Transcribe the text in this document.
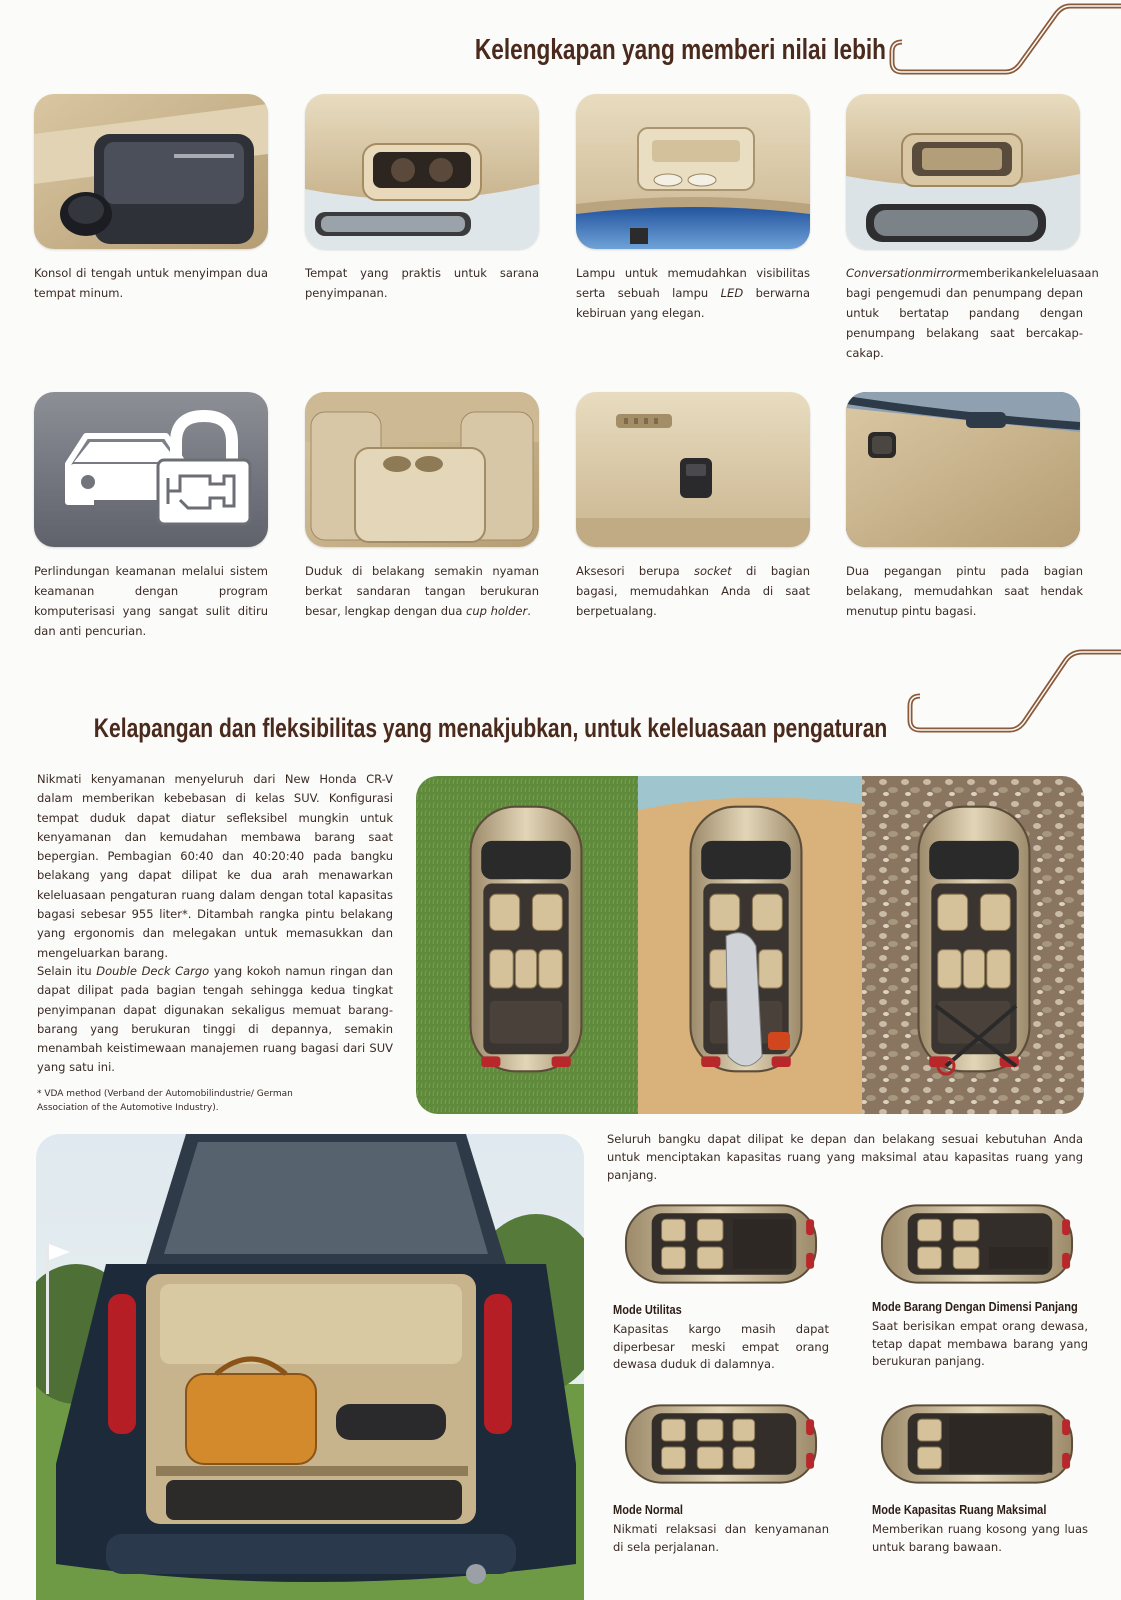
Kelengkapan yang memberi nilai lebih
Konsol di tengah untuk menyimpan dua tempat minum.
Tempat yang praktis untuk sarana penyimpanan.
Lampu untuk memudahkan visibilitas serta sebuah lampu LED berwarna kebiruan yang elegan.
Conversationmirrormemberikankeleluasaan bagi pengemudi dan penumpang depan untuk bertatap pandang dengan penumpang belakang saat bercakap-cakap.
Perlindungan keamanan melalui sistem keamanan dengan program komputerisasi yang sangat sulit ditiru dan anti pencurian.
Duduk di belakang semakin nyaman berkat sandaran tangan berukuran besar, lengkap dengan dua cup holder.
Aksesori berupa socket di bagian bagasi, memudahkan Anda di saat berpetualang.
Dua pegangan pintu pada bagian belakang, memudahkan saat hendak menutup pintu bagasi.
Kelapangan dan fleksibilitas yang menakjubkan, untuk keleluasaan pengaturan
Nikmati kenyamanan menyeluruh dari New Honda CR-V dalam memberikan kebebasan di kelas SUV. Konfigurasi tempat duduk dapat diatur sefleksibel mungkin untuk kenyamanan dan kemudahan membawa barang saat bepergian. Pembagian 60:40 dan 40:20:40 pada bangku belakang yang dapat dilipat ke dua arah menawarkan keleluasaan pengaturan ruang dalam dengan total kapasitas bagasi sebesar 955 liter*. Ditambah rangka pintu belakang yang ergonomis dan melegakan untuk memasukkan dan mengeluarkan barang.
Selain itu Double Deck Cargo yang kokoh namun ringan dan dapat dilipat pada bagian tengah sehingga kedua tingkat penyimpanan dapat digunakan sekaligus memuat barang-barang yang berukuran tinggi di depannya, semakin menambah keistimewaan manajemen ruang bagasi dari SUV yang satu ini.
* VDA method (Verband der Automobilindustrie/ German Association of the Automotive Industry).
Seluruh bangku dapat dilipat ke depan dan belakang sesuai kebutuhan Anda untuk menciptakan kapasitas ruang yang maksimal atau kapasitas ruang yang panjang.
Mode Utilitas
Kapasitas kargo masih dapat diperbesar meski empat orang dewasa duduk di dalamnya.
Mode Barang Dengan Dimensi Panjang
Saat berisikan empat orang dewasa, tetap dapat membawa barang yang berukuran panjang.
Mode Normal
Nikmati relaksasi dan kenyamanan di sela perjalanan.
Mode Kapasitas Ruang Maksimal
Memberikan ruang kosong yang luas untuk barang bawaan.
